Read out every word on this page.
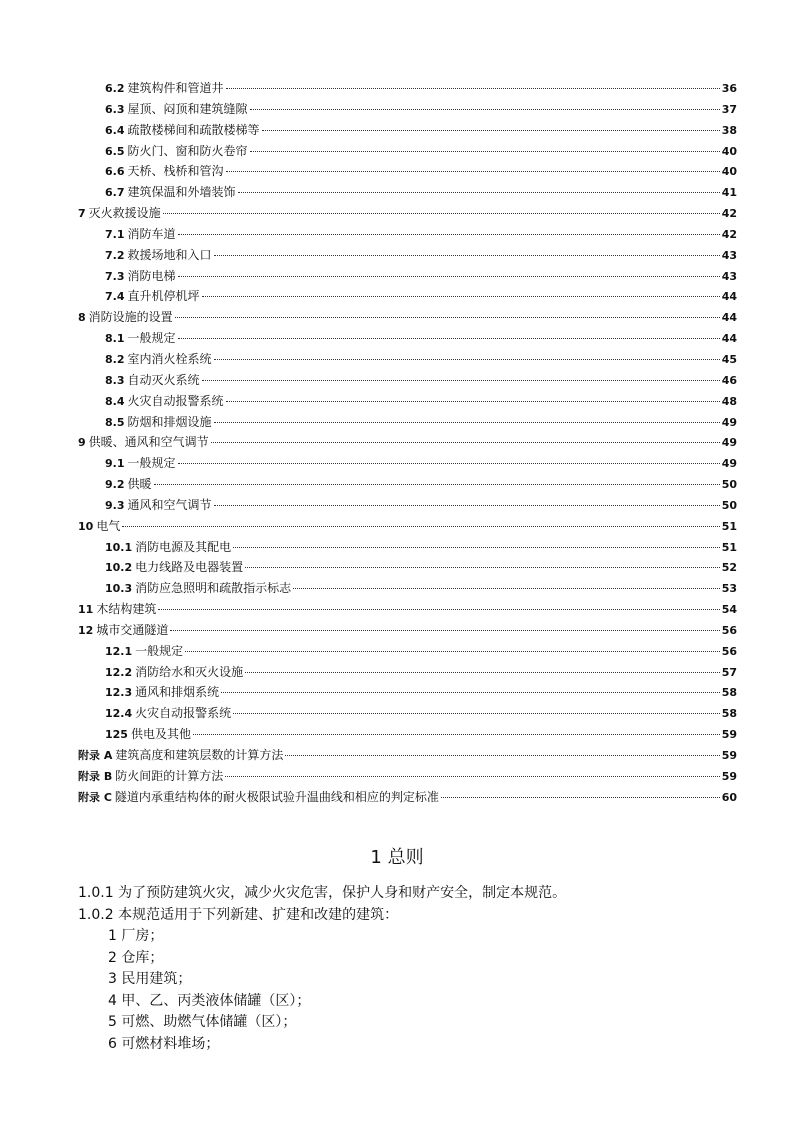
6.2 建筑构件和管道井	36
6.3 屋顶、闷顶和建筑缝隙	37
6.4 疏散楼梯间和疏散楼梯等	38
6.5 防火门、窗和防火卷帘	40
6.6 天桥、栈桥和管沟	40
6.7 建筑保温和外墙装饰	41
7 灭火救援设施	42
7.1 消防车道	42
7.2 救援场地和入口	43
7.3 消防电梯	43
7.4 直升机停机坪	44
8 消防设施的设置	44
8.1 一般规定	44
8.2 室内消火栓系统	45
8.3 自动灭火系统	46
8.4 火灾自动报警系统	48
8.5 防烟和排烟设施	49
9 供暖、通风和空气调节	49
9.1 一般规定	49
9.2 供暖	50
9.3 通风和空气调节	50
10 电气	51
10.1 消防电源及其配电	51
10.2 电力线路及电器装置	52
10.3 消防应急照明和疏散指示标志	53
11 木结构建筑	54
12 城市交通隧道	56
12.1 一般规定	56
12.2 消防给水和灭火设施	57
12.3 通风和排烟系统	58
12.4 火灾自动报警系统	58
125 供电及其他	59
附录 A 建筑高度和建筑层数的计算方法	59
附录 B 防火间距的计算方法	59
附录 C 隧道内承重结构体的耐火极限试验升温曲线和相应的判定标准	60
1 总则
1.0.1 为了预防建筑火灾，减少火灾危害，保护人身和财产安全，制定本规范。
1.0.2 本规范适用于下列新建、扩建和改建的建筑：
1 厂房；
2 仓库；
3 民用建筑；
4 甲、乙、丙类液体储罐（区）；
5 可燃、助燃气体储罐（区）；
6 可燃材料堆场；
